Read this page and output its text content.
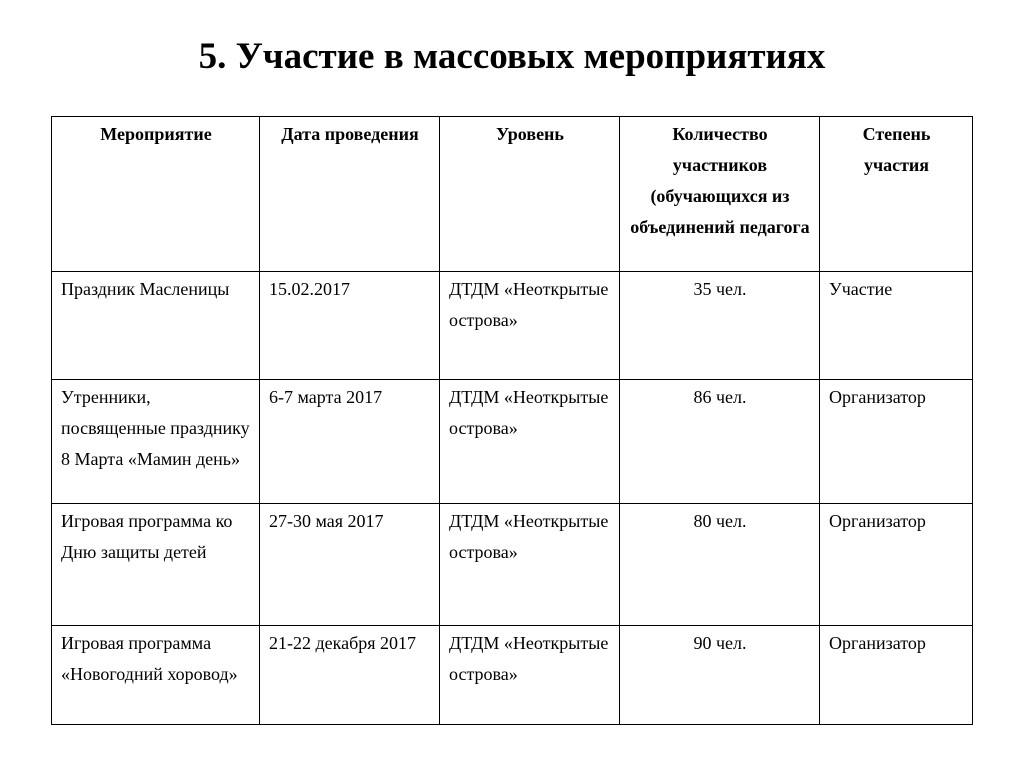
5. Участие в массовых мероприятиях
Мероприятие	Дата проведения	Уровень	Количество участников (обучающихся из объединений педагога	Степень участия
Праздник Масленицы	15.02.2017	ДТДМ «Неоткрытые острова»	35 чел.	Участие
Утренники, посвященные празднику 8 Марта «Мамин день»	6-7 марта 2017	ДТДМ «Неоткрытые острова»	86 чел.	Организатор
Игровая программа ко Дню защиты детей	27-30 мая 2017	ДТДМ «Неоткрытые острова»	80 чел.	Организатор
Игровая программа «Новогодний хоровод»	21-22 декабря 2017	ДТДМ «Неоткрытые острова»	90 чел.	Организатор
